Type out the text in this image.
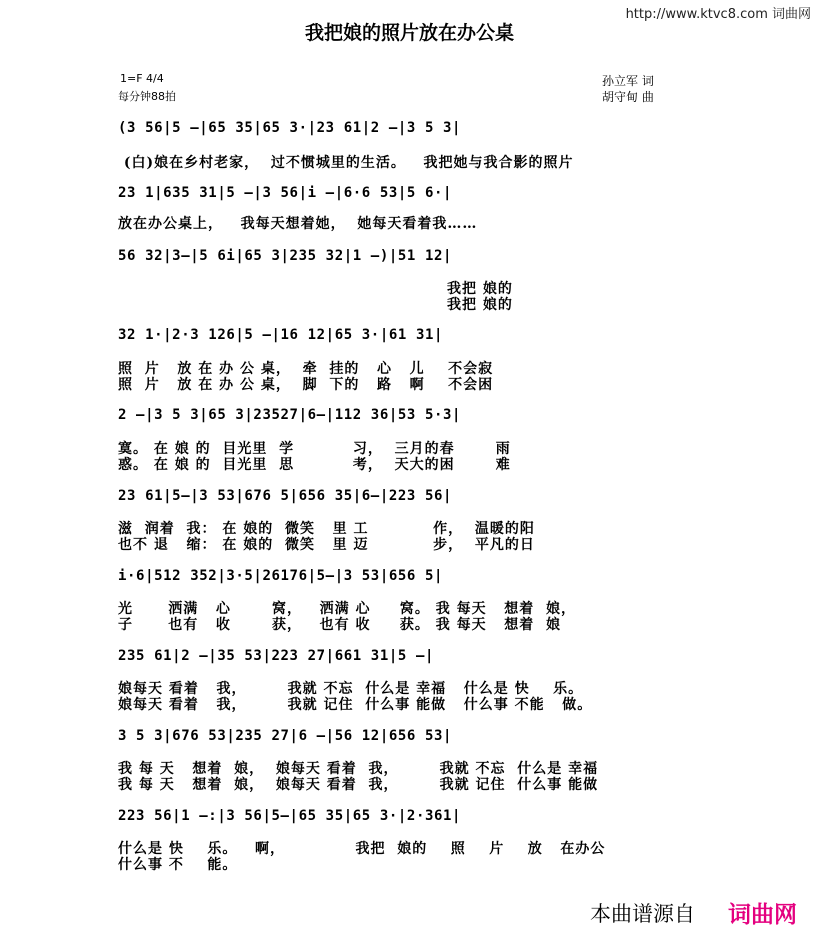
http://www.ktvc8.com 词曲网
我把娘的照片放在办公桌
1=F 4/4
每分钟88拍
孙立军 词
胡守甸 曲
(3 56|5 —|65 35|65 3·|23 61|2 —|3 5 3|
(白)娘在乡村老家，  过不惯城里的生活。   我把她与我合影的照片
23 1|635 31|5 —|3 56|i —|6·6 53|5 6·|
放在办公桌上，   我每天想着她，  她每天看着我……
56 32|3—|5 6i|65 3|235 32|1 —)|51 12|
我把 娘的
我把 娘的
32 1·|2·3 126|5 —|16 12|65 3·|61 31|
照  片   放 在 办 公 桌，  牵  挂的   心   儿    不会寂
照  片   放 在 办 公 桌，  脚  下的   路   啊    不会困
2 —|3 5 3|65 3|23527|6—|112 36|53 5·3|
寞。 在 娘 的  目光里  学          习，  三月的春       雨
惑。 在 娘 的  目光里  思          考，  天大的困       难
23 61|5—|3 53|676 5|656 35|6—|223 56|
滋  润着  我： 在 娘的  微笑   里 工           作，  温暖的阳
也不 退   缩： 在 娘的  微笑   里 迈           步，  平凡的日
i·6|512 352|3·5|26176|5—|3 53|656 5|
光      洒满   心       窝，   洒满 心     窝。 我 每天   想着  娘，
子      也有   收       获，   也有 收     获。 我 每天   想着  娘
235 61|2 —|35 53|223 27|661 31|5 —|
娘每天 看着   我，       我就 不忘  什么是 幸福   什么是 快    乐。
娘每天 看着   我，       我就 记住  什么事 能做   什么事 不能   做。
3 5 3|676 53|235 27|6 —|56 12|656 53|
我 每 天   想着  娘，  娘每天 看着  我，       我就 不忘  什么是 幸福
我 每 天   想着  娘，  娘每天 看着  我，       我就 记住  什么事 能做
223 56|1 —:|3 56|5—|65 35|65 3·|2·361|
什么是 快    乐。   啊，            我把  娘的    照    片    放   在办公
什么事 不    能。
本曲谱源自 词曲网
